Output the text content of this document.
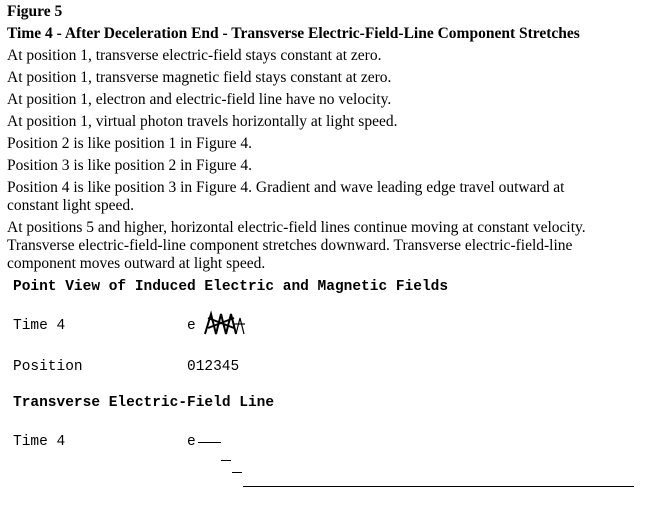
Figure 5
Time 4 - After Deceleration End - Transverse Electric-Field-Line Component Stretches

At position 1, transverse electric-field stays constant at zero.

At position 1, transverse magnetic field stays constant at zero.

At position 1, electron and electric-field line have no velocity.

At position 1, virtual photon travels horizontally at light speed.

Position 2 is like position 1 in Figure 4.

Position 3 is like position 2 in Figure 4.

Position 4 is like position 3 in Figure 4. Gradient and wave leading edge travel outward at constant light speed.

At positions 5 and higher, horizontal electric-field lines continue moving at constant velocity. Transverse electric-field-line component stretches downward. Transverse electric-field-line component moves outward at light speed.

Point View of Induced Electric and Magnetic Fields
Time 4	e
Position	012345
Transverse Electric-Field Line
Time 4	e
